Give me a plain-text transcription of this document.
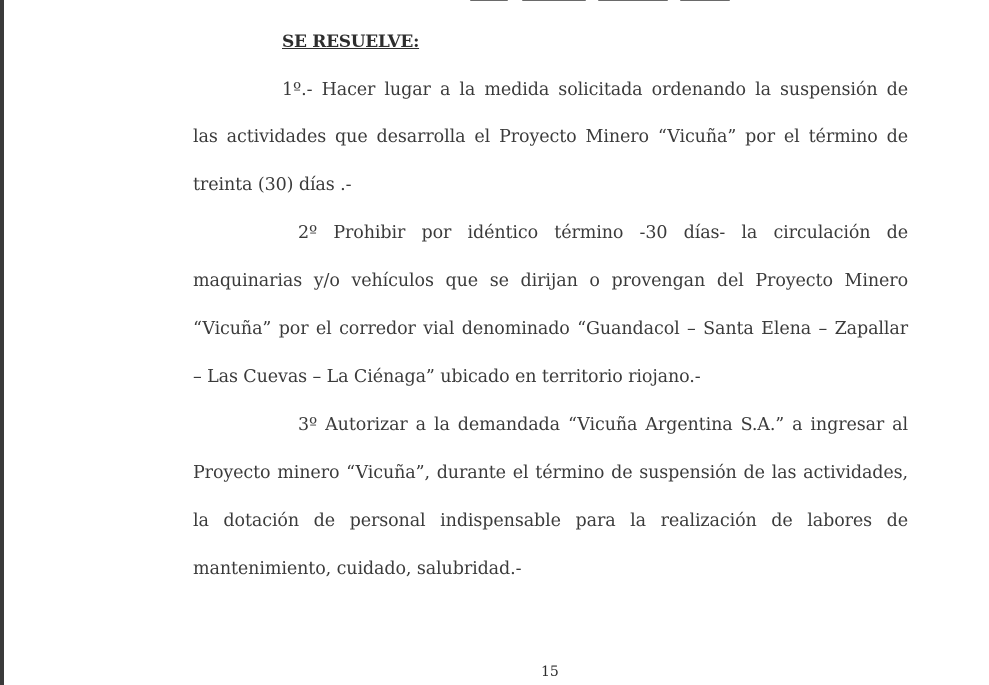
SE RESUELVE:
1º.- Hacer lugar a la medida solicitada ordenando la suspensión de
las actividades que desarrolla el Proyecto Minero “Vicuña” por el término de
treinta (30) días .-
2º Prohibir por idéntico término -30 días- la circulación de
maquinarias y/o vehículos que se dirijan o provengan del Proyecto Minero
“Vicuña” por el corredor vial denominado “Guandacol – Santa Elena – Zapallar
– Las Cuevas – La Ciénaga” ubicado en territorio riojano.-
3º Autorizar a la demandada “Vicuña Argentina S.A.” a ingresar al
Proyecto minero “Vicuña”, durante el término de suspensión de las actividades,
la dotación de personal indispensable para la realización de labores de
mantenimiento, cuidado, salubridad.-
15
